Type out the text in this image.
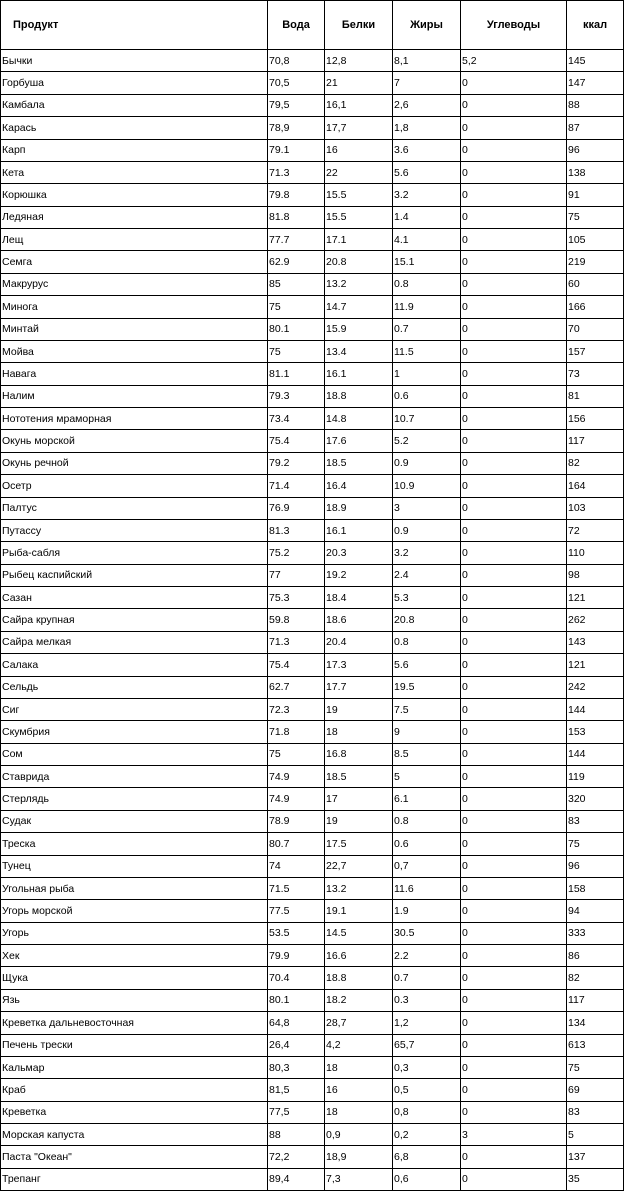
Продукт	Вода	Белки	Жиры	Углеводы	ккал
Бычки	70,8	12,8	8,1	5,2	145
Горбуша	70,5	21	7	0	147
Камбала	79,5	16,1	2,6	0	88
Карась	78,9	17,7	1,8	0	87
Карп	79.1	16	3.6	0	96
Кета	71.3	22	5.6	0	138
Корюшка	79.8	15.5	3.2	0	91
Ледяная	81.8	15.5	1.4	0	75
Лещ	77.7	17.1	4.1	0	105
Семга	62.9	20.8	15.1	0	219
Макрурус	85	13.2	0.8	0	60
Минога	75	14.7	11.9	0	166
Минтай	80.1	15.9	0.7	0	70
Мойва	75	13.4	11.5	0	157
Навага	81.1	16.1	1	0	73
Налим	79.3	18.8	0.6	0	81
Нототения мраморная	73.4	14.8	10.7	0	156
Окунь морской	75.4	17.6	5.2	0	117
Окунь речной	79.2	18.5	0.9	0	82
Осетр	71.4	16.4	10.9	0	164
Палтус	76.9	18.9	3	0	103
Путассу	81.3	16.1	0.9	0	72
Рыба-сабля	75.2	20.3	3.2	0	110
Рыбец каспийский	77	19.2	2.4	0	98
Сазан	75.3	18.4	5.3	0	121
Сайра крупная	59.8	18.6	20.8	0	262
Сайра мелкая	71.3	20.4	0.8	0	143
Салака	75.4	17.3	5.6	0	121
Сельдь	62.7	17.7	19.5	0	242
Сиг	72.3	19	7.5	0	144
Скумбрия	71.8	18	9	0	153
Сом	75	16.8	8.5	0	144
Ставрида	74.9	18.5	5	0	119
Стерлядь	74.9	17	6.1	0	320
Судак	78.9	19	0.8	0	83
Треска	80.7	17.5	0.6	0	75
Тунец	74	22,7	0,7	0	96
Угольная рыба	71.5	13.2	11.6	0	158
Угорь морской	77.5	19.1	1.9	0	94
Угорь	53.5	14.5	30.5	0	333
Хек	79.9	16.6	2.2	0	86
Щука	70.4	18.8	0.7	0	82
Язь	80.1	18.2	0.3	0	117
Креветка дальневосточная	64,8	28,7	1,2	0	134
Печень трески	26,4	4,2	65,7	0	613
Кальмар	80,3	18	0,3	0	75
Краб	81,5	16	0,5	0	69
Креветка	77,5	18	0,8	0	83
Морская капуста	88	0,9	0,2	3	5
Паста "Океан"	72,2	18,9	6,8	0	137
Трепанг	89,4	7,3	0,6	0	35
